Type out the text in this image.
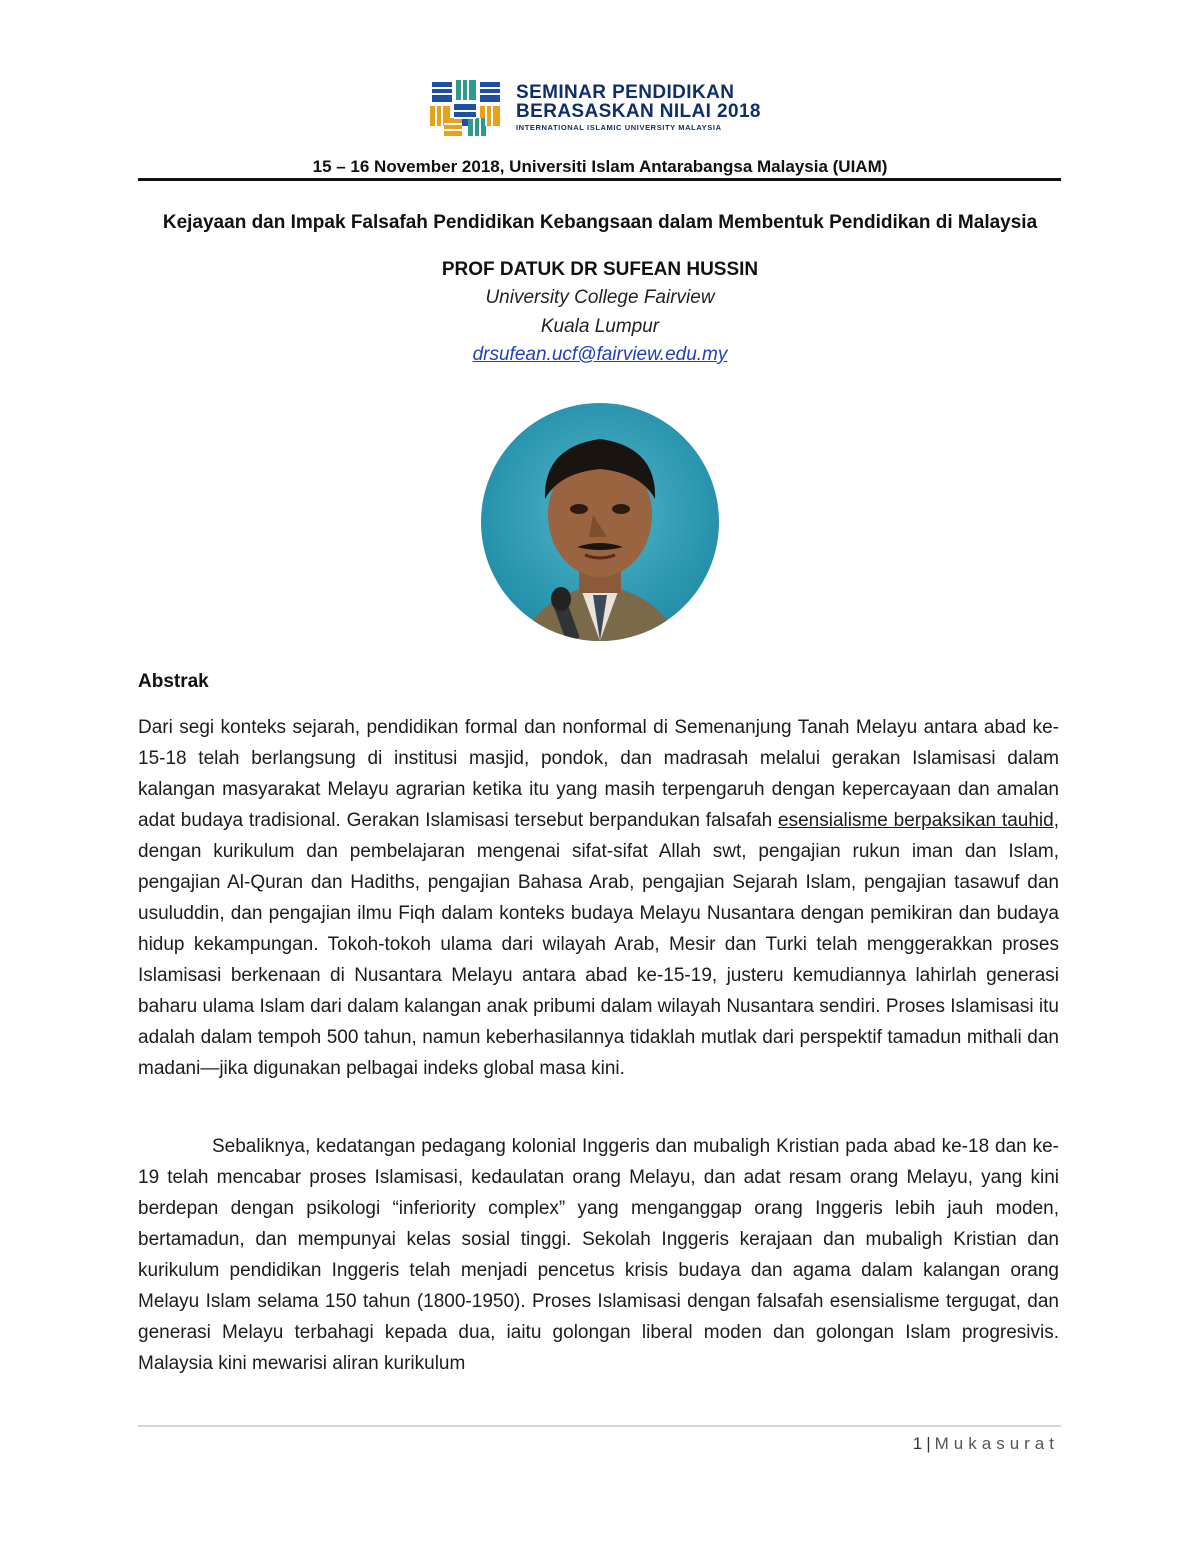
SEMINAR PENDIDIKAN
BERASASKAN NILAI 2018
INTERNATIONAL ISLAMIC UNIVERSITY MALAYSIA
15 – 16 November 2018, Universiti Islam Antarabangsa Malaysia (UIAM)
Kejayaan dan Impak Falsafah Pendidikan Kebangsaan dalam Membentuk Pendidikan di Malaysia
PROF DATUK DR SUFEAN HUSSIN
University College Fairview
Kuala Lumpur
drsufean.ucf@fairview.edu.my
Abstrak
Dari segi konteks sejarah, pendidikan formal dan nonformal di Semenanjung Tanah Melayu antara abad ke-15-18 telah berlangsung di institusi masjid, pondok, dan madrasah melalui gerakan Islamisasi dalam kalangan masyarakat Melayu agrarian ketika itu yang masih terpengaruh dengan kepercayaan dan amalan adat budaya tradisional. Gerakan Islamisasi tersebut berpandukan falsafah esensialisme berpaksikan tauhid, dengan kurikulum dan pembelajaran mengenai sifat-sifat Allah swt, pengajian rukun iman dan Islam, pengajian Al-Quran dan Hadiths, pengajian Bahasa Arab, pengajian Sejarah Islam, pengajian tasawuf dan usuluddin, dan pengajian ilmu Fiqh dalam konteks budaya Melayu Nusantara dengan pemikiran dan budaya hidup kekampungan. Tokoh-tokoh ulama dari wilayah Arab, Mesir dan Turki telah menggerakkan proses Islamisasi berkenaan di Nusantara Melayu antara abad ke-15-19, justeru kemudiannya lahirlah generasi baharu ulama Islam dari dalam kalangan anak pribumi dalam wilayah Nusantara sendiri. Proses Islamisasi itu adalah dalam tempoh 500 tahun, namun keberhasilannya tidaklah mutlak dari perspektif tamadun mithali dan madani—jika digunakan pelbagai indeks global masa kini.
Sebaliknya, kedatangan pedagang kolonial Inggeris dan mubaligh Kristian pada abad ke-18 dan ke-19 telah mencabar proses Islamisasi, kedaulatan orang Melayu, dan adat resam orang Melayu, yang kini berdepan dengan psikologi “inferiority complex” yang menganggap orang Inggeris lebih jauh moden, bertamadun, dan mempunyai kelas sosial tinggi. Sekolah Inggeris kerajaan dan mubaligh Kristian dan kurikulum pendidikan Inggeris telah menjadi pencetus krisis budaya dan agama dalam kalangan orang Melayu Islam selama 150 tahun (1800-1950). Proses Islamisasi dengan falsafah esensialisme tergugat, dan generasi Melayu terbahagi kepada dua, iaitu golongan liberal moden dan golongan Islam progresivis. Malaysia kini mewarisi aliran kurikulum
1 | Mukasurat
